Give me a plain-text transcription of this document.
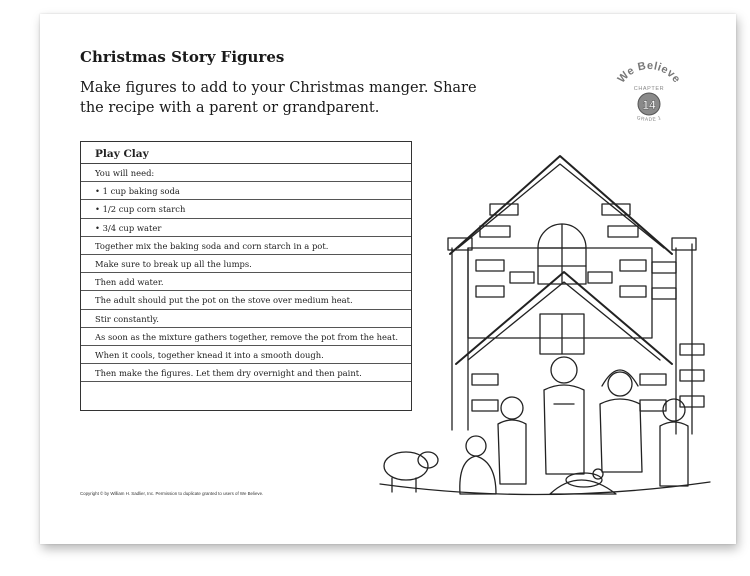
Christmas Story Figures

Make figures to add to your Christmas manger. Share the recipe with a parent or grandparent.

We Believe
CHAPTER
14
GRADE 1
Play Clay
You will need:
• 1 cup baking soda
• 1/2 cup corn starch
• 3/4 cup water
Together mix the baking soda and corn starch in a pot.
Make sure to break up all the lumps.
Then add water.
The adult should put the pot on the stove over medium heat.
Stir constantly.
As soon as the mixture gathers together, remove the pot from the heat.
When it cools, together knead it into a smooth dough.
Then make the figures. Let them dry overnight and then paint.
Copyright © by William H. Sadlier, Inc. Permission to duplicate granted to users of We Believe.
